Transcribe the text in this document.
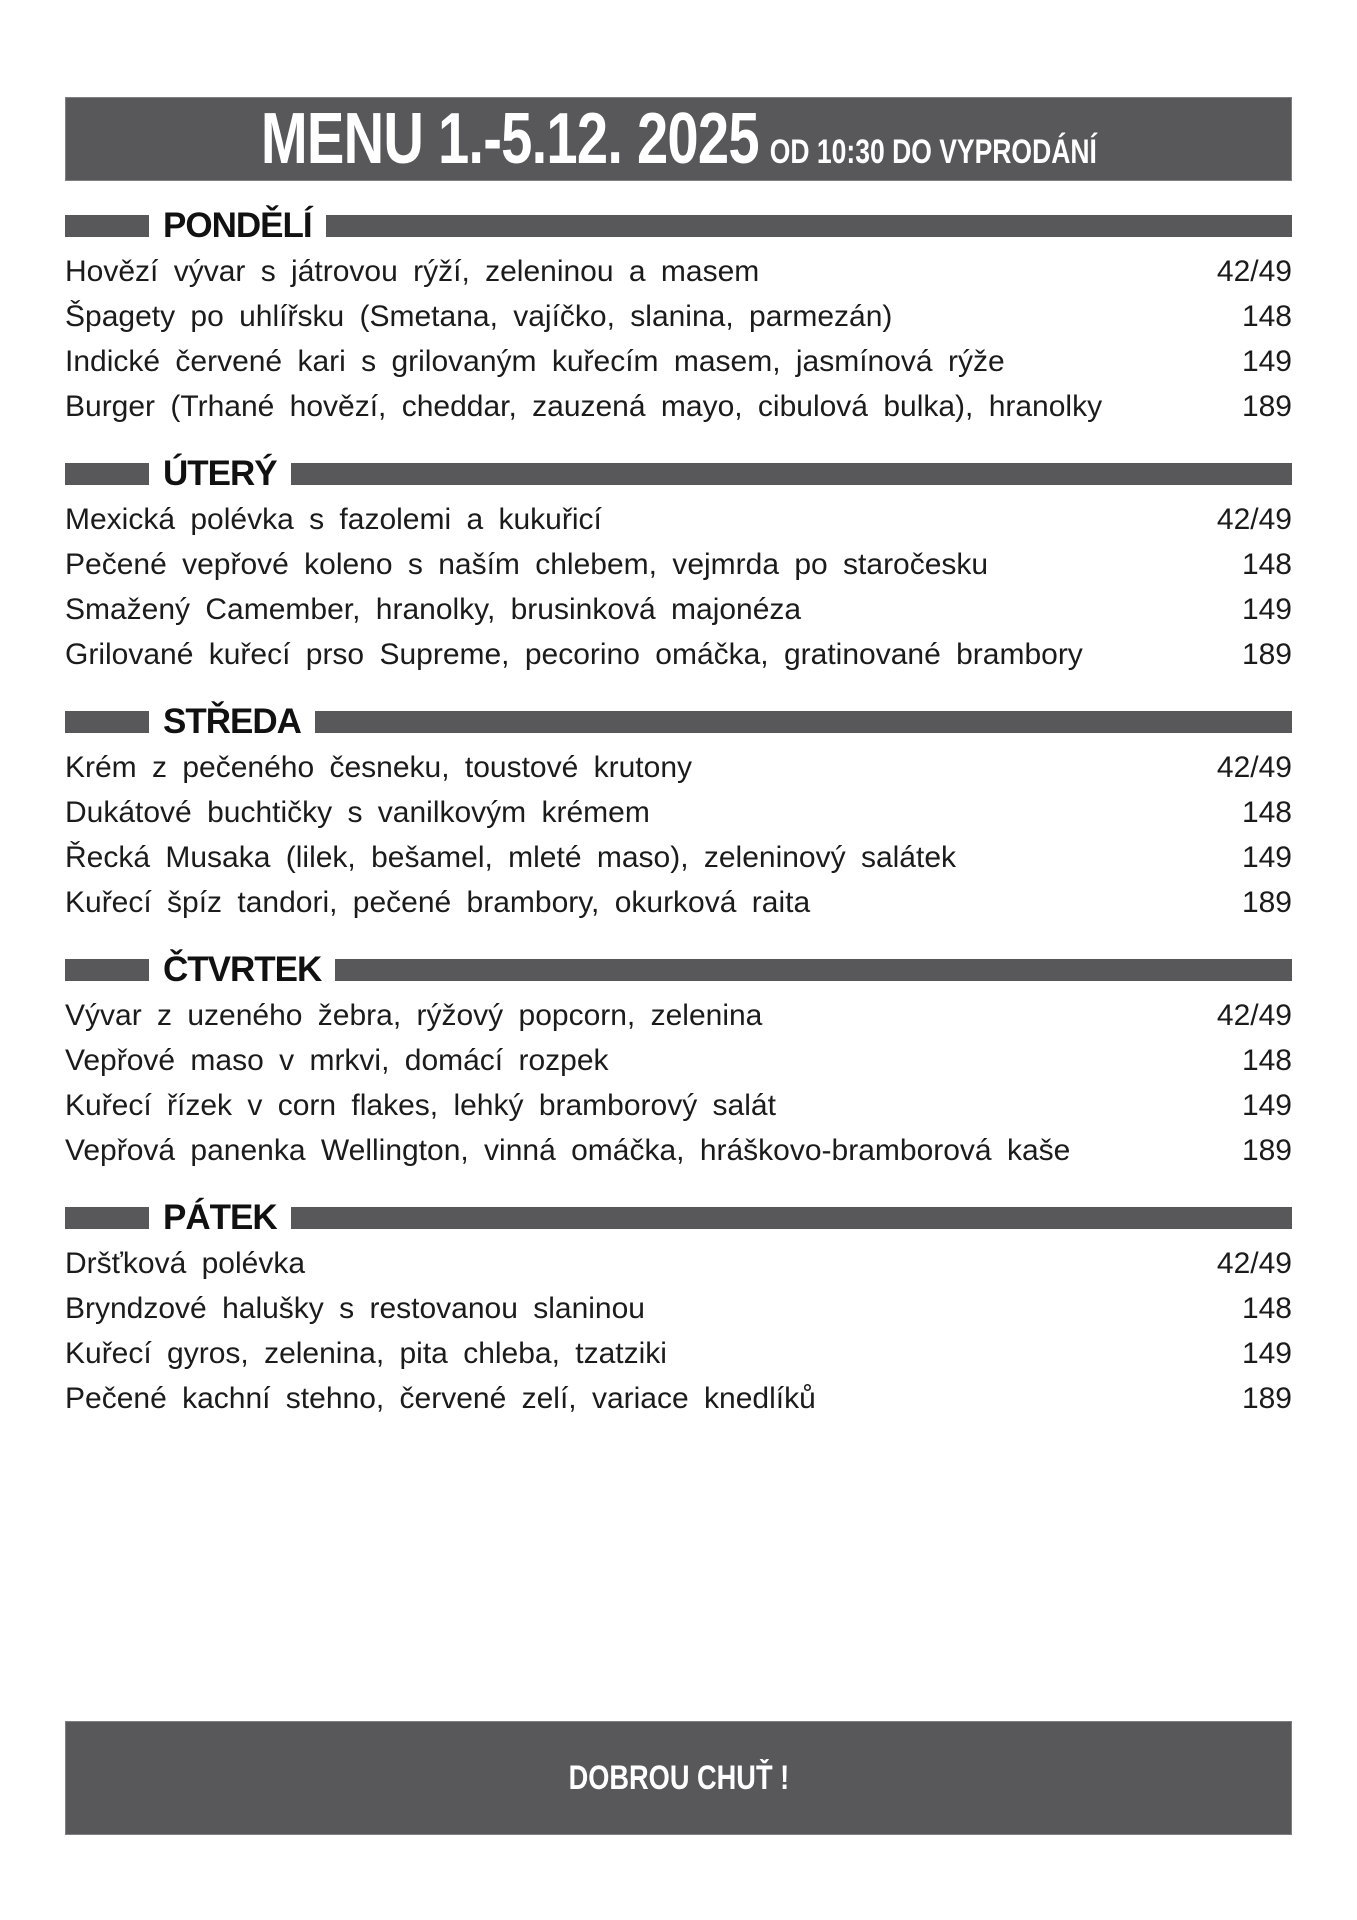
MENU 1.-5.12. 2025 OD 10:30 DO VYPRODÁNÍ
PONDĚLÍ
Hovězí vývar s játrovou rýží, zeleninou a masem	42/49
Špagety po uhlířsku (Smetana, vajíčko, slanina, parmezán)	148
Indické červené kari s grilovaným kuřecím masem, jasmínová rýže	149
Burger (Trhané hovězí, cheddar, zauzená mayo, cibulová bulka), hranolky	189
ÚTERÝ
Mexická polévka s fazolemi a kukuřicí	42/49
Pečené vepřové koleno s naším chlebem, vejmrda po staročesku	148
Smažený Camember, hranolky, brusinková majonéza	149
Grilované kuřecí prso Supreme, pecorino omáčka, gratinované brambory	189
STŘEDA
Krém z pečeného česneku, toustové krutony	42/49
Dukátové buchtičky s vanilkovým krémem	148
Řecká Musaka (lilek, bešamel, mleté maso), zeleninový salátek	149
Kuřecí špíz tandori, pečené brambory, okurková raita	189
ČTVRTEK
Vývar z uzeného žebra, rýžový popcorn, zelenina	42/49
Vepřové maso v mrkvi, domácí rozpek	148
Kuřecí řízek v corn flakes, lehký bramborový salát	149
Vepřová panenka Wellington, vinná omáčka, hráškovo-bramborová kaše	189
PÁTEK
Dršťková polévka	42/49
Bryndzové halušky s restovanou slaninou	148
Kuřecí gyros, zelenina, pita chleba, tzatziki	149
Pečené kachní stehno, červené zelí, variace knedlíků	189
DOBROU CHUŤ !
